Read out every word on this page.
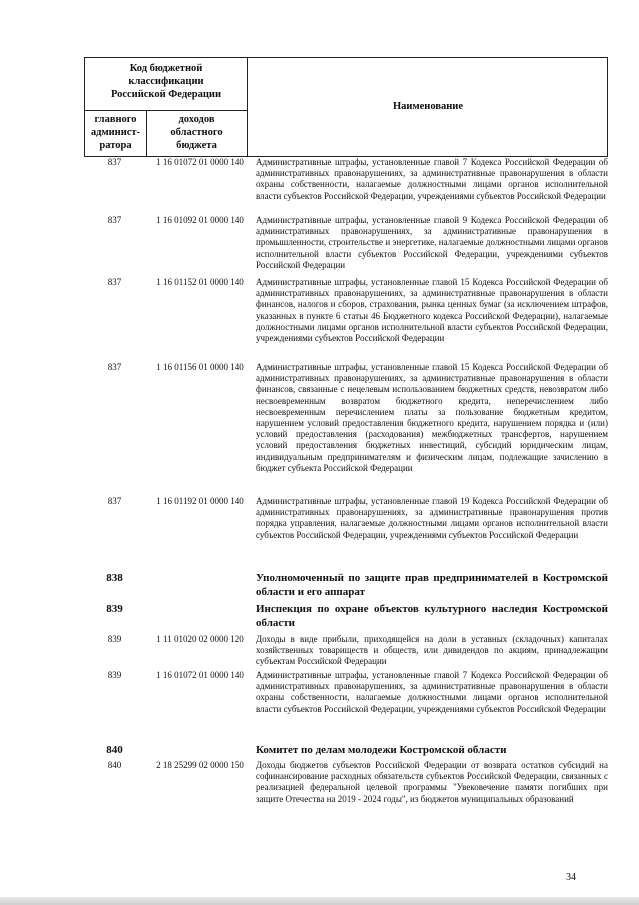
Код бюджетной
классификации
Российской Федерации
главного
админист-
ратора
доходов
областного
бюджета
Наименование
837	1 16 01072 01 0000 140	Административные штрафы, установленные главой 7 Кодекса Российской Федерации об административных правонарушениях, за административные правонарушения в области охраны собственности, налагаемые должностными лицами органов исполнительной власти субъектов Российской Федерации, учреждениями субъектов Российской Федерации
837	1 16 01092 01 0000 140	Административные штрафы, установленные главой 9 Кодекса Российской Федерации об административных правонарушениях, за административные правонарушения в промышленности, строительстве и энергетике, налагаемые должностными лицами органов исполнительной власти субъектов Российской Федерации, учреждениями субъектов Российской Федерации
837	1 16 01152 01 0000 140	Административные штрафы, установленные главой 15 Кодекса Российской Федерации об административных правонарушениях, за административные правонарушения в области финансов, налогов и сборов, страхования, рынка ценных бумаг (за исключением штрафов, указанных в пункте 6 статьи 46 Бюджетного кодекса Российской Федерации), налагаемые должностными лицами органов исполнительной власти субъектов Российской Федерации, учреждениями субъектов Российской Федерации
837	1 16 01156 01 0000 140	Административные штрафы, установленные главой 15 Кодекса Российской Федерации об административных правонарушениях, за административные правонарушения в области финансов, связанные с нецелевым использованием бюджетных средств, невозвратом либо несвоевременным возвратом бюджетного кредита, неперечислением либо несвоевременным перечислением платы за пользование бюджетным кредитом, нарушением условий предоставления бюджетного кредита, нарушением порядка и (или) условий предоставления (расходования) межбюджетных трансфертов, нарушением условий предоставления бюджетных инвестиций, субсидий юридическим лицам, индивидуальным предпринимателям и физическим лицам, подлежащие зачислению в бюджет субъекта Российской Федерации
837	1 16 01192 01 0000 140	Административные штрафы, установленные главой 19 Кодекса Российской Федерации об административных правонарушениях, за административные правонарушения против порядка управления, налагаемые должностными лицами органов исполнительной власти субъектов Российской Федерации, учреждениями субъектов Российской Федерации
838	Уполномоченный по защите прав предпринимателей в Костромской области и его аппарат
839	Инспекция по охране объектов культурного наследия Костромской области
839	1 11 01020 02 0000 120	Доходы в виде прибыли, приходящейся на доли в уставных (складочных) капиталах хозяйственных товариществ и обществ, или дивидендов по акциям, принадлежащим субъектам Российской Федерации
839	1 16 01072 01 0000 140	Административные штрафы, установленные главой 7 Кодекса Российской Федерации об административных правонарушениях, за административные правонарушения в области охраны собственности, налагаемые должностными лицами органов исполнительной власти субъектов Российской Федерации, учреждениями субъектов Российской Федерации
840	Комитет по делам молодежи Костромской области
840	2 18 25299 02 0000 150	Доходы бюджетов субъектов Российской Федерации от возврата остатков субсидий на софинансирование расходных обязательств субъектов Российской Федерации, связанных с реализацией федеральной целевой программы "Увековечение памяти погибших при защите Отечества на 2019 - 2024 годы", из бюджетов муниципальных образований
34
